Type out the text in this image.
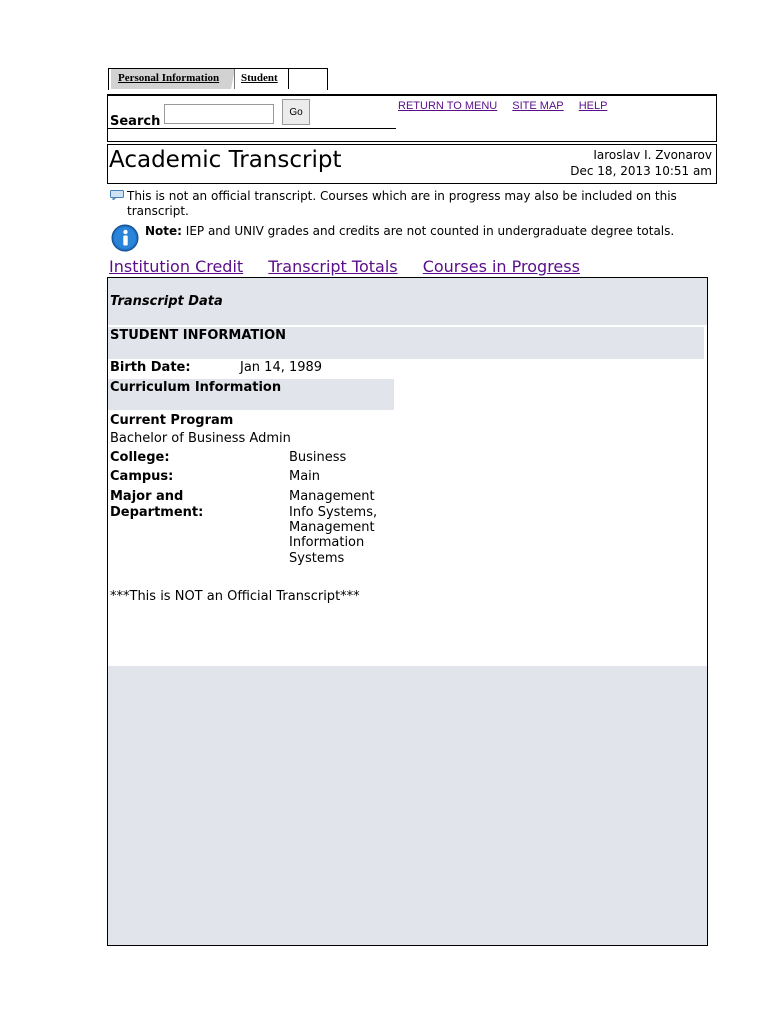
Personal Information	Student
Search
Go	RETURN TO MENU SITE MAP HELP
Academic Transcript	Iaroslav I. Zvonarov
Dec 18, 2013 10:51 am
This is not an official transcript. Courses which are in progress may also be included on this transcript.
Note: IEP and UNIV grades and credits are not counted in undergraduate degree totals.
Institution Credit Transcript Totals Courses in Progress
Transcript Data
STUDENT INFORMATION
Birth Date:	Jan 14, 1989
Curriculum Information
Current Program
Bachelor of Business Admin
College:	Business
Campus:	Main
Major and
Department:
Management
Info Systems,
Management
Information
Systems
***This is NOT an Official Transcript***
